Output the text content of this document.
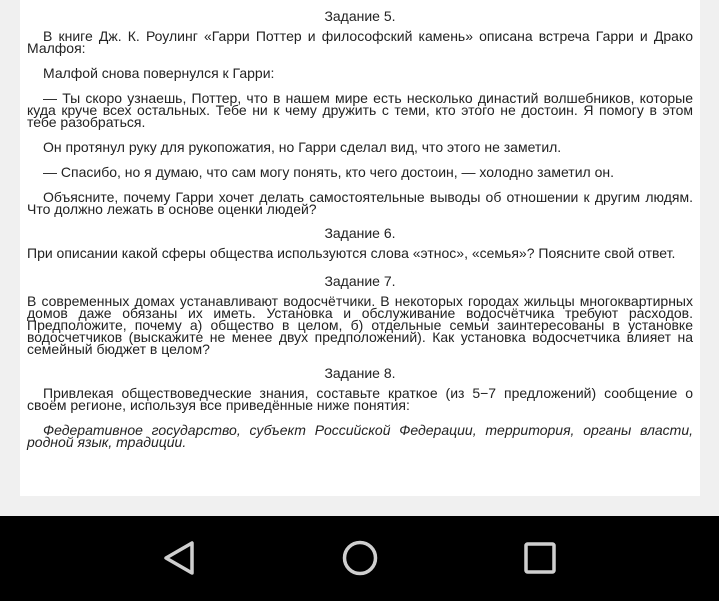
Задание 5.

В книге Дж. К. Роулинг «Гарри Поттер и философский камень» описана встреча Гарри и Драко Малфоя:

Малфой снова повернулся к Гарри:

— Ты скоро узнаешь, Поттер, что в нашем мире есть несколько династий волшебников, которые куда круче всех остальных. Тебе ни к чему дружить с теми, кто этого не достоин. Я помогу в этом тебе разобраться.

Он протянул руку для рукопожатия, но Гарри сделал вид, что этого не заметил.

— Спасибо, но я думаю, что сам могу понять, кто чего достоин, — холодно заметил он.

Объясните, почему Гарри хочет делать самостоятельные выводы об отношении к другим людям. Что должно лежать в основе оценки людей?

Задание 6.

При описании какой сферы общества используются слова «этнос», «семья»? Поясните свой ответ.

Задание 7.

В современных домах устанавливают водосчётчики. В некоторых городах жильцы многоквартирных домов даже обязаны их иметь. Установка и обслуживание водосчётчика требуют расходов. Предположите, почему а) общество в целом, б) отдельные семьи заинтересованы в установке водосчетчиков (выскажите не менее двух предположений). Как установка водосчетчика влияет на семейный бюджет в целом?

Задание 8.

Привлекая обществоведческие знания, составьте краткое (из 5−7 предложений) сообщение о своём регионе, используя все приведённые ниже понятия:

Федеративное государство, субъект Российской Федерации, территория, органы власти, родной язык, традиции.
